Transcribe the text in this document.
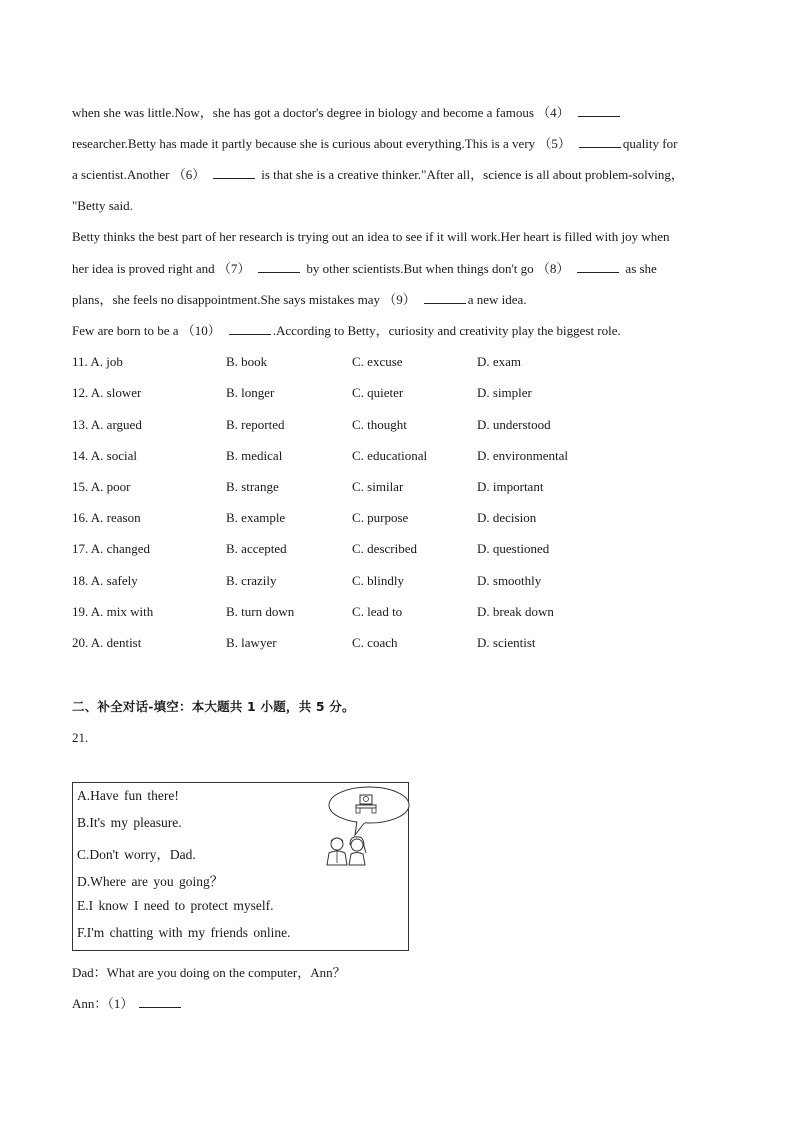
when she was little.Now，she has got a doctor's degree in biology and become a famous （4）
researcher.Betty has made it partly because she is curious about everything.This is a very （5）	quality for
a scientist.Another （6）	is that she is a creative thinker."After all，science is all about problem-solving，
"Betty said.
Betty thinks the best part of her research is trying out an idea to see if it will work.Her heart is filled with joy when
her idea is proved right and （7）	by other scientists.But when things don't go （8）	as she
plans，she feels no disappointment.She says mistakes may （9）	a new idea.
Few are born to be a （10）	.According to Betty，curiosity and creativity play the biggest role.
11. A. job	B. book	C. excuse	D. exam
12. A. slower	B. longer	C. quieter	D. simpler
13. A. argued	B. reported	C. thought	D. understood
14. A. social	B. medical	C. educational	D. environmental
15. A. poor	B. strange	C. similar	D. important
16. A. reason	B. example	C. purpose	D. decision
17. A. changed	B. accepted	C. described	D. questioned
18. A. safely	B. crazily	C. blindly	D. smoothly
19. A. mix with	B. turn down	C. lead to	D. break down
20. A. dentist	B. lawyer	C. coach	D. scientist
二、补全对话-填空：本大题共 1 小题，共 5 分。
21.
A.Have fun there!
B.It's my pleasure.
C.Don't worry，Dad.
D.Where are you going？
E.I know I need to protect myself.
F.I'm chatting with my friends online.
Dad：What are you doing on the computer，Ann？
Ann：（1）
